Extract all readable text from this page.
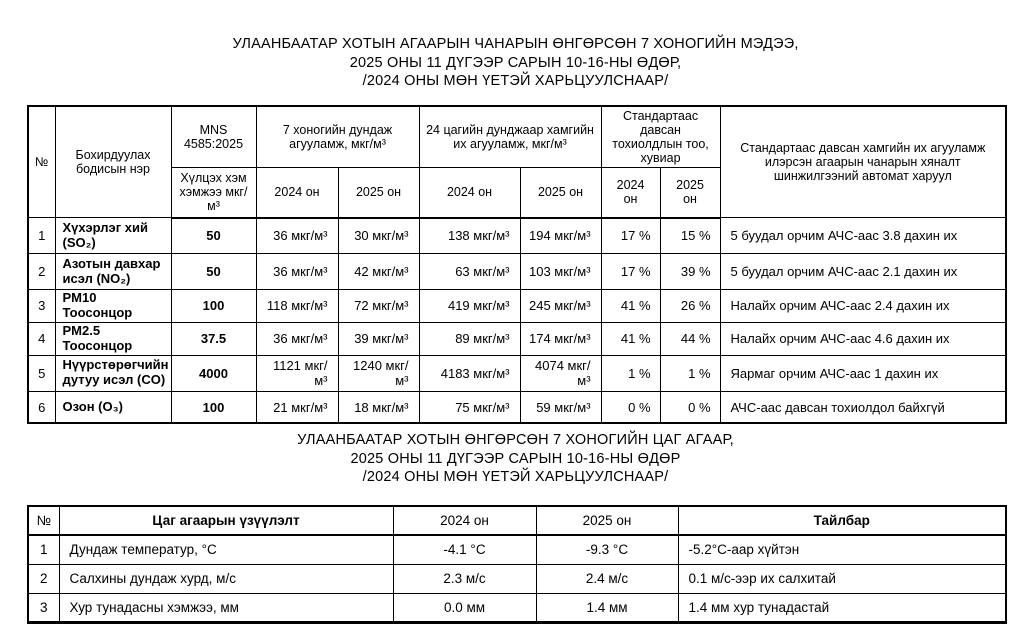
УЛААНБААТАР ХОТЫН АГААРЫН ЧАНАРЫН ӨНГӨРСӨН 7 ХОНОГИЙН МЭДЭЭ,
2025 ОНЫ 11 ДҮГЭЭР САРЫН 10-16-НЫ ӨДӨР,
/2024 ОНЫ МӨН ҮЕТЭЙ ХАРЬЦУУЛСНААР/
№	Бохирдуулах бодисын нэр	MNS 4585:2025	7 хоногийн дундаж агууламж, мкг/м³		24 цагийн дунджаар хамгийн их агууламж, мкг/м³		Стандартаас давсан тохиолдлын тоо, хувиар		Стандартаас давсан хамгийн их агууламж илэрсэн агаарын чанарын хяналт шинжилгээний автомат харуул
		Хүлцэх хэм хэмжээ мкг/м³	2024 он	2025 он	2024 он	2025 он	2024 он	2025 он	
1	Хүхэрлэг хий (SO₂)	50	36 мкг/м³	30 мкг/м³	138 мкг/м³	194 мкг/м³	17 %	15 %	5 буудал орчим АЧС-аас 3.8 дахин их
2	Азотын давхар исэл (NO₂)	50	36 мкг/м³	42 мкг/м³	63 мкг/м³	103 мкг/м³	17 %	39 %	5 буудал орчим АЧС-аас 2.1 дахин их
3	PM10 Тоосонцор	100	118 мкг/м³	72 мкг/м³	419 мкг/м³	245 мкг/м³	41 %	26 %	Налайх орчим АЧС-аас 2.4 дахин их
4	PM2.5 Тоосонцор	37.5	36 мкг/м³	39 мкг/м³	89 мкг/м³	174 мкг/м³	41 %	44 %	Налайх орчим АЧС-аас 4.6 дахин их
5	Нүүрстөрөгчийн дутуу исэл (CO)	4000	1121 мкг/м³	1240 мкг/м³	4183 мкг/м³	4074 мкг/м³	1 %	1 %	Яармаг орчим АЧС-аас 1 дахин их
6	Озон (O₃)	100	21 мкг/м³	18 мкг/м³	75 мкг/м³	59 мкг/м³	0 %	0 %	АЧС-аас давсан тохиолдол байхгүй
УЛААНБААТАР ХОТЫН ӨНГӨРСӨН 7 ХОНОГИЙН ЦАГ АГААР,
2025 ОНЫ 11 ДҮГЭЭР САРЫН 10-16-НЫ ӨДӨР
/2024 ОНЫ МӨН ҮЕТЭЙ ХАРЬЦУУЛСНААР/
№	Цаг агаарын үзүүлэлт	2024 он	2025 он	Тайлбар
1	Дундаж температур, °C	-4.1 °C	-9.3 °C	-5.2°C-аар хүйтэн
2	Салхины дундаж хурд, м/с	2.3 м/с	2.4 м/с	0.1 м/с-ээр их салхитай
3	Хур тунадасны хэмжээ, мм	0.0 мм	1.4 мм	1.4 мм хур тунадастай
